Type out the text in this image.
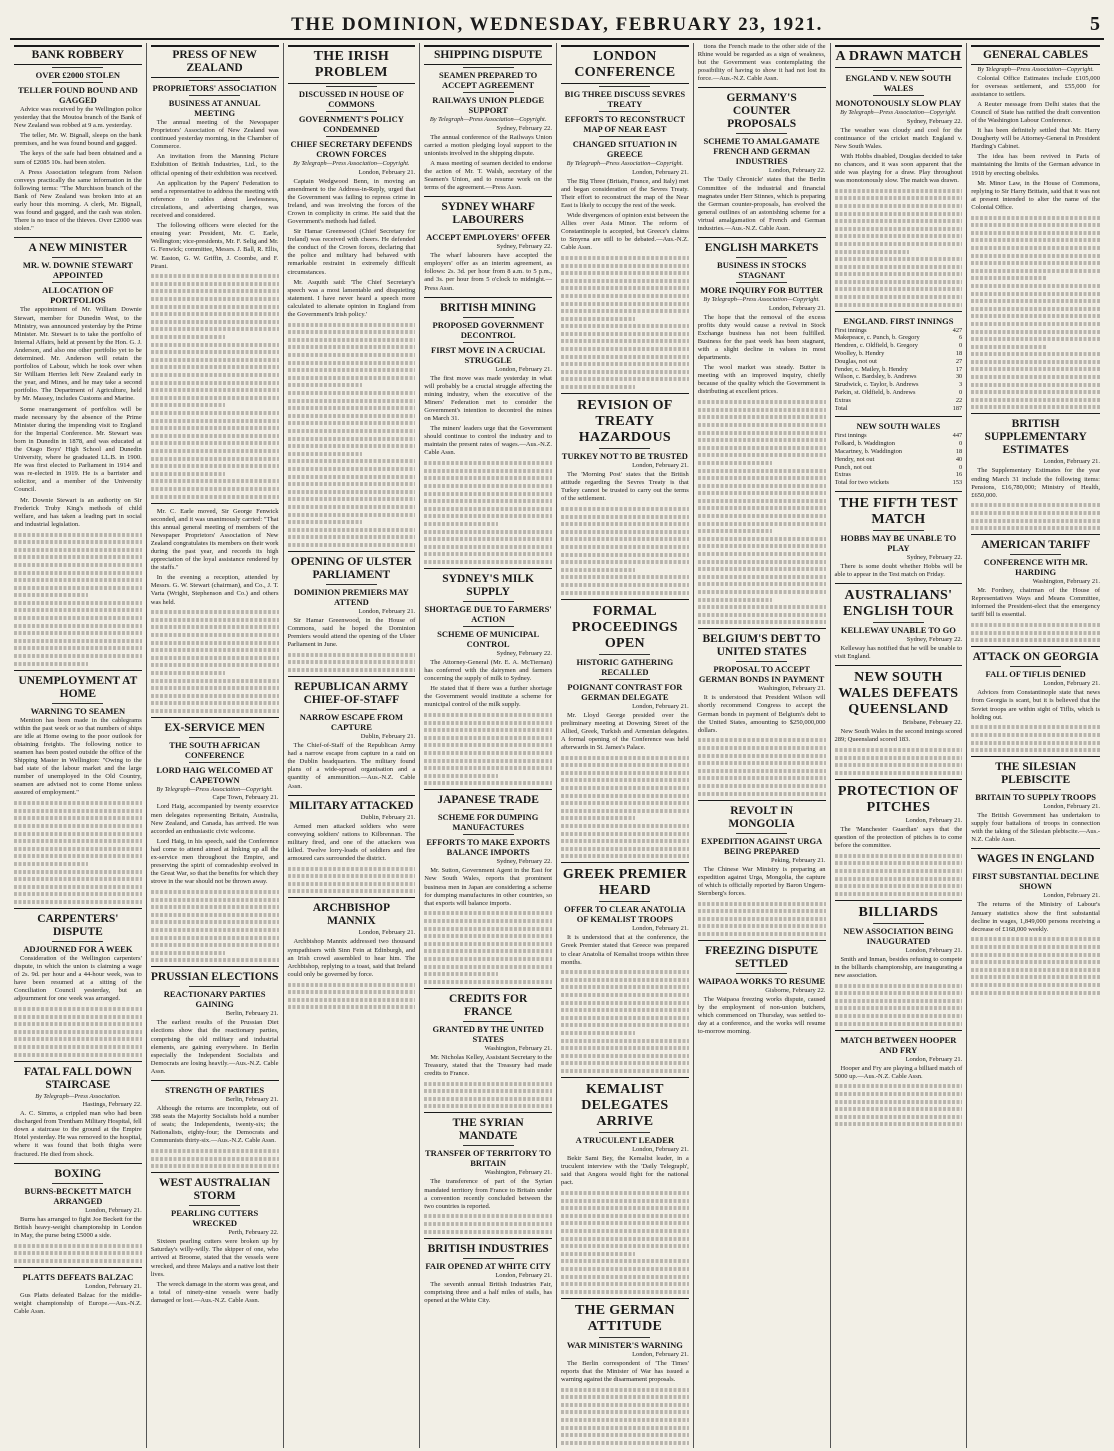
THE DOMINION, WEDNESDAY, FEBRUARY 23, 1921.	5
BANK ROBBERY
OVER £2000 STOLEN
TELLER FOUND BOUND AND GAGGED

Advice was received by the Wellington police yesterday that the Moutoa branch of the Bank of New Zealand was robbed at 9 a.m. yesterday.

The teller, Mr. W. Bignall, sleeps on the bank premises, and he was found bound and gagged.

The keys of the safe had been obtained and a sum of £2085 10s. had been stolen.

A Press Association telegram from Nelson conveys practically the same information in the following terms: "The Murchison branch of the Bank of New Zealand was broken into at an early hour this morning. A clerk, Mr. Bignall, was found and gagged, and the cash was stolen. There is no trace of the thieves. Over £2000 was stolen."

A NEW MINISTER
MR. W. DOWNIE STEWART APPOINTED
ALLOCATION OF PORTFOLIOS

The appointment of Mr. William Downie Stewart, member for Dunedin West, to the Ministry, was announced yesterday by the Prime Minister. Mr. Stewart is to take the portfolio of Internal Affairs, held at present by the Hon. G. J. Anderson, and also one other portfolio yet to be determined. Mr. Anderson will retain the portfolios of Labour, which he took over when Sir William Herries left New Zealand early in the year, and Mines, and he may take a second portfolio. The Department of Agriculture, held by Mr. Massey, includes Customs and Marine.

Some rearrangement of portfolios will be made necessary by the absence of the Prime Minister during the impending visit to England for the Imperial Conference. Mr. Stewart was born in Dunedin in 1878, and was educated at the Otago Boys' High School and Dunedin University, where he graduated LL.B. in 1900. He was first elected to Parliament in 1914 and was re-elected in 1919. He is a barrister and solicitor, and a member of the University Council.

Mr. Downie Stewart is an authority on Sir Frederick Truby King's methods of child welfare, and has taken a leading part in social and industrial legislation.

UNEMPLOYMENT AT HOME
WARNING TO SEAMEN

Mention has been made in the cablegrams within the past week or so that numbers of ships are idle at Home owing to the poor outlook for obtaining freights. The following notice to seamen has been posted outside the office of the Shipping Master in Wellington: "Owing to the bad state of the labour market and the large number of unemployed in the Old Country, seamen are advised not to come Home unless assured of employment."

CARPENTERS' DISPUTE
ADJOURNED FOR A WEEK

Consideration of the Wellington carpenters' dispute, in which the union is claiming a wage of 2s. 9d. per hour and a 44-hour week, was to have been resumed at a sitting of the Conciliation Council yesterday, but an adjournment for one week was arranged.

FATAL FALL DOWN STAIRCASE
By Telegraph—Press Association.
Hastings, February 22.

A. C. Simms, a crippled man who had been discharged from Trentham Military Hospital, fell down a staircase to the ground at the Empire Hotel yesterday. He was removed to the hospital, where it was found that both thighs were fractured. He died from shock.

BOXING
BURNS-BECKETT MATCH ARRANGED
London, February 21.

Burns has arranged to fight Joe Beckett for the British heavy-weight championship in London in May, the purse being £5000 a side.

PLATTS DEFEATS BALZAC
London, February 21.

Gus Platts defeated Balzac for the middle-weight championship of Europe.—Aus.-N.Z. Cable Assn.

PRESS OF NEW ZEALAND
PROPRIETORS' ASSOCIATION
BUSINESS AT ANNUAL MEETING

The annual meeting of the Newspaper Proprietors' Association of New Zealand was continued yesterday morning, in the Chamber of Commerce.

An invitation from the Manning Picture Exhibition of British Industries, Ltd., to the official opening of their exhibition was received.

An application by the Papers' Federation to send a representative to address the meeting with reference to cables about lawlessness, circulations, and advertising charges, was received and considered.

The following officers were elected for the ensuing year: President, Mr. C. Earle, Wellington; vice-presidents, Mr. F. Selig and Mr. G. Fenwick; committee, Messrs. J. Ball, R. Ellis, W. Easton, G. W. Griffin, J. Coombe, and F. Pirani.

Mr. C. Earle moved, Sir George Fenwick seconded, and it was unanimously carried: "That this annual general meeting of members of the Newspaper Proprietors' Association of New Zealand congratulates its members on their work during the past year, and records its high appreciation of the loyal assistance rendered by the staffs."

In the evening a reception, attended by Messrs. G. W. Stewart (chairman), and Co., J. T. Varta (Wright, Stephenson and Co.) and others was held.

EX-SERVICE MEN
THE SOUTH AFRICAN CONFERENCE
LORD HAIG WELCOMED AT CAPETOWN
By Telegraph—Press Association—Copyright.
Cape Town, February 21.

Lord Haig, accompanied by twenty exservice men delegates representing Britain, Australia, New Zealand, and Canada, has arrived. He was accorded an enthusiastic civic welcome.

Lord Haig, in his speech, said the Conference had come to attend aimed at linking up all the ex-service men throughout the Empire, and preserving the spirit of comradeship evolved in the Great War, so that the benefits for which they strove in the war should not be thrown away.

PRUSSIAN ELECTIONS
REACTIONARY PARTIES GAINING
Berlin, February 21.

The earliest results of the Prussian Diet elections show that the reactionary parties, comprising the old military and industrial elements, are gaining everywhere. In Berlin especially the Independent Socialists and Democrats are losing heavily.—Aus.-N.Z. Cable Assn.

STRENGTH OF PARTIES
Berlin, February 21.

Although the returns are incomplete, out of 398 seats the Majority Socialists hold a number of seats; the Independents, twenty-six; the Nationalists, eighty-four; the Democrats and Communists thirty-six.—Aus.-N.Z. Cable Assn.

WEST AUSTRALIAN STORM
PEARLING CUTTERS WRECKED
Perth, February 22.

Sixteen pearling cutters were broken up by Saturday's willy-willy. The skipper of one, who arrived at Broome, stated that the vessels were wrecked, and three Malays and a native lost their lives.

The wreck damage in the storm was great, and a total of ninety-nine vessels were badly damaged or lost.—Aus.-N.Z. Cable Assn.

THE IRISH PROBLEM
DISCUSSED IN HOUSE OF COMMONS
GOVERNMENT'S POLICY CONDEMNED
CHIEF SECRETARY DEFENDS CROWN FORCES
By Telegraph—Press Association—Copyright.
London, February 21.

Captain Wedgwood Benn, in moving an amendment to the Address-in-Reply, urged that the Government was failing to repress crime in Ireland, and was involving the forces of the Crown in complicity in crime. He said that the Government's methods had failed.

Sir Hamar Greenwood (Chief Secretary for Ireland) was received with cheers. He defended the conduct of the Crown forces, declaring that the police and military had behaved with remarkable restraint in extremely difficult circumstances.

Mr. Asquith said: 'The Chief Secretary's speech was a most lamentable and disquieting statement. I have never heard a speech more calculated to alienate opinion in England from the Government's Irish policy.'

OPENING OF ULSTER PARLIAMENT
DOMINION PREMIERS MAY ATTEND
London, February 21.

Sir Hamar Greenwood, in the House of Commons, said he hoped the Dominion Premiers would attend the opening of the Ulster Parliament in June.

REPUBLICAN ARMY CHIEF-OF-STAFF
NARROW ESCAPE FROM CAPTURE
Dublin, February 21.

The Chief-of-Staff of the Republican Army had a narrow escape from capture in a raid on the Dublin headquarters. The military found plans of a wide-spread organisation and a quantity of ammunition.—Aus.-N.Z. Cable Assn.

MILITARY ATTACKED
Dublin, February 21.

Armed men attacked soldiers who were conveying soldiers' rations to Kilbrennan. The military fired, and one of the attackers was killed. Twelve lorry-loads of soldiers and fire armoured cars surrounded the district.

ARCHBISHOP MANNIX
London, February 21.

Archbishop Mannix addressed two thousand sympathisers with Sinn Fein at Edinburgh, and an Irish crowd assembled to hear him. The Archbishop, replying to a toast, said that Ireland could only be governed by force.

SHIPPING DISPUTE
SEAMEN PREPARED TO ACCEPT AGREEMENT
RAILWAYS UNION PLEDGE SUPPORT
By Telegraph—Press Association—Copyright.
Sydney, February 22.

The annual conference of the Railways Union carried a motion pledging loyal support to the unionists involved in the shipping dispute.

A mass meeting of seamen decided to endorse the action of Mr. T. Walsh, secretary of the Seamen's Union, and to resume work on the terms of the agreement.—Press Assn.

SYDNEY WHARF LABOURERS
ACCEPT EMPLOYERS' OFFER
Sydney, February 22.

The wharf labourers have accepted the employers' offer as an interim agreement, as follows: 2s. 3d. per hour from 8 a.m. to 5 p.m., and 3s. per hour from 5 o'clock to midnight.—Press Assn.

BRITISH MINING
PROPOSED GOVERNMENT DECONTROL
FIRST MOVE IN A CRUCIAL STRUGGLE
London, February 21.

The first move was made yesterday in what will probably be a crucial struggle affecting the mining industry, when the executive of the Miners' Federation met to consider the Government's intention to decontrol the mines on March 31.

The miners' leaders urge that the Government should continue to control the industry and to maintain the present rates of wages.—Aus.-N.Z. Cable Assn.

SYDNEY'S MILK SUPPLY
SHORTAGE DUE TO FARMERS' ACTION
SCHEME OF MUNICIPAL CONTROL
Sydney, February 22.

The Attorney-General (Mr. E. A. McTiernan) has conferred with the dairymen and farmers concerning the supply of milk to Sydney.

He stated that if there was a further shortage the Government would institute a scheme for municipal control of the milk supply.

JAPANESE TRADE
SCHEME FOR DUMPING MANUFACTURES
EFFORTS TO MAKE EXPORTS BALANCE IMPORTS
Sydney, February 22.

Mr. Sutton, Government Agent in the East for New South Wales, reports that prominent business men in Japan are considering a scheme for dumping manufactures in other countries, so that exports will balance imports.

CREDITS FOR FRANCE
GRANTED BY THE UNITED STATES
Washington, February 21.

Mr. Nicholas Kelley, Assistant Secretary to the Treasury, stated that the Treasury had made credits to France.

THE SYRIAN MANDATE
TRANSFER OF TERRITORY TO BRITAIN
Washington, February 21.

The transference of part of the Syrian mandated territory from France to Britain under a convention recently concluded between the two countries is reported.

BRITISH INDUSTRIES
FAIR OPENED AT WHITE CITY
London, February 21.

The seventh annual British Industries Fair, comprising three and a half miles of stalls, has opened at the White City.

LONDON CONFERENCE
BIG THREE DISCUSS SEVRES TREATY
EFFORTS TO RECONSTRUCT MAP OF NEAR EAST
CHANGED SITUATION IN GREECE
By Telegraph—Press Association—Copyright.
London, February 21.

The Big Three (Britain, France, and Italy) met and began consideration of the Sevres Treaty. Their effort to reconstruct the map of the Near East is likely to occupy the rest of the week.

Wide divergences of opinion exist between the Allies over Asia Minor. The reform of Constantinople is accepted, but Greece's claims to Smyrna are still to be debated.—Aus.-N.Z. Cable Assn.

REVISION OF TREATY HAZARDOUS
TURKEY NOT TO BE TRUSTED
London, February 21.

The 'Morning Post' states that the British attitude regarding the Sevres Treaty is that Turkey cannot be trusted to carry out the terms of the settlement.

FORMAL PROCEEDINGS OPEN
HISTORIC GATHERING RECALLED
POIGNANT CONTRAST FOR GERMAN DELEGATE
London, February 21.

Mr. Lloyd George presided over the preliminary meeting at Downing Street of the Allied, Greek, Turkish and Armenian delegates. A formal opening of the Conference was held afterwards in St. James's Palace.

GREEK PREMIER HEARD
OFFER TO CLEAR ANATOLIA OF KEMALIST TROOPS
London, February 21.

It is understood that at the conference, the Greek Premier stated that Greece was prepared to clear Anatolia of Kemalist troops within three months.

KEMALIST DELEGATES ARRIVE
A TRUCULENT LEADER
London, February 21.

Bekir Sami Bey, the Kemalist leader, in a truculent interview with the 'Daily Telegraph', said that Angora would fight for the national pact.

THE GERMAN ATTITUDE
WAR MINISTER'S WARNING
London, February 21.

The Berlin correspondent of 'The Times' reports that the Minister of War has issued a warning against the disarmament proposals.

tions the French made to the other side of the Rhine would be regarded as a sign of weakness, but the Government was contemplating the possibility of having to show it had not lost its force.—Aus.-N.Z. Cable Assn.

GERMANY'S COUNTER PROPOSALS
SCHEME TO AMALGAMATE FRENCH AND GERMAN INDUSTRIES
London, February 22.

The 'Daily Chronicle' states that the Berlin Committee of the industrial and financial magnates under Herr Stinnes, which is preparing the German counter-proposals, has evolved the general outlines of an astonishing scheme for a virtual amalgamation of French and German industries.—Aus.-N.Z. Cable Assn.

ENGLISH MARKETS
BUSINESS IN STOCKS STAGNANT
MORE INQUIRY FOR BUTTER
By Telegraph—Press Association—Copyright.
London, February 21.

The hope that the removal of the excess profits duty would cause a revival in Stock Exchange business has not been fulfilled. Business for the past week has been stagnant, with a slight decline in values in most departments.

The wool market was steady. Butter is meeting with an improved inquiry, chiefly because of the quality which the Government is distributing at excellent prices.

BELGIUM'S DEBT TO UNITED STATES
PROPOSAL TO ACCEPT GERMAN BONDS IN PAYMENT
Washington, February 21.

It is understood that President Wilson will shortly recommend Congress to accept the German bonds in payment of Belgium's debt to the United States, amounting to $250,000,000 dollars.

REVOLT IN MONGOLIA
EXPEDITION AGAINST URGA BEING PREPARED
Peking, February 21.

The Chinese War Ministry is preparing an expedition against Urga, Mongolia, the capture of which is officially reported by Baron Ungern-Sternberg's forces.

FREEZING DISPUTE SETTLED
WAIPAOA WORKS TO RESUME
Gisborne, February 22.

The Waipaoa freezing works dispute, caused by the employment of non-union butchers, which commenced on Thursday, was settled to-day at a conference, and the works will resume to-morrow morning.

A DRAWN MATCH
ENGLAND V. NEW SOUTH WALES
MONOTONOUSLY SLOW PLAY
By Telegraph—Press Association—Copyright.
Sydney, February 22.

The weather was cloudy and cool for the continuance of the cricket match England v. New South Wales.

With Hobbs disabled, Douglas decided to take no chances, and it was soon apparent that the side was playing for a draw. Play throughout was monotonously slow. The match was drawn.

ENGLAND. FIRST INNINGS
First innings	427
Makepeace, c. Punch, b. Gregory	6
Hendren, c. Oldfield, b. Gregory	0
Woolley, b. Hendry	18
Douglas, not out	27
Fender, c. Mailey, b. Hendry	17
Wilson, c. Bardsley, b. Andrews	30
Strudwick, c. Taylor, b. Andrews	3
Parkin, st. Oldfield, b. Andrews	0
Extras	22
Total	187
NEW SOUTH WALES
First innings	447
Folkard, b. Waddington	0
Macartney, b. Waddington	18
Hendry, not out	40
Punch, not out	0
Extras	16
Total for two wickets	153
THE FIFTH TEST MATCH
HOBBS MAY BE UNABLE TO PLAY
Sydney, February 22.

There is some doubt whether Hobbs will be able to appear in the Test match on Friday.

AUSTRALIANS' ENGLISH TOUR
KELLEWAY UNABLE TO GO
Sydney, February 22.

Kelleway has notified that he will be unable to visit England.

NEW SOUTH WALES DEFEATS QUEENSLAND
Brisbane, February 22.

New South Wales in the second innings scored 289; Queensland scored 183.

PROTECTION OF PITCHES
London, February 21.

The 'Manchester Guardian' says that the question of the protection of pitches is to come before the committee.

BILLIARDS
NEW ASSOCIATION BEING INAUGURATED
London, February 21.

Smith and Inman, besides refusing to compete in the billiards championship, are inaugurating a new association.

MATCH BETWEEN HOOPER AND FRY
London, February 21.

Hooper and Fry are playing a billiard match of 5000 up.—Aus.-N.Z. Cable Assn.

GENERAL CABLES
By Telegraph—Press Association—Copyright.

Colonial Office Estimates include £105,000 for overseas settlement, and £55,000 for assistance to settlers.

A Reuter message from Delhi states that the Council of State has ratified the draft convention of the Washington Labour Conference.

It has been definitely settled that Mr. Harry Dougherty will be Attorney-General in President Harding's Cabinet.

The idea has been revived in Paris of maintaining the limits of the German advance in 1918 by erecting obelisks.

Mr. Minor Law, in the House of Commons, replying to Sir Harry Brittain, said that it was not at present intended to alter the name of the Colonial Office.

BRITISH SUPPLEMENTARY ESTIMATES
London, February 21.

The Supplementary Estimates for the year ending March 31 include the following items: Pensions, £16,780,000; Ministry of Health, £650,000.

AMERICAN TARIFF
CONFERENCE WITH MR. HARDING
Washington, February 21.

Mr. Fordney, chairman of the House of Representatives Ways and Means Committee, informed the President-elect that the emergency tariff bill is essential.

ATTACK ON GEORGIA
FALL OF TIFLIS DENIED
London, February 21.

Advices from Constantinople state that news from Georgia is scant, but it is believed that the Soviet troops are within sight of Tiflis, which is holding out.

THE SILESIAN PLEBISCITE
BRITAIN TO SUPPLY TROOPS
London, February 21.

The British Government has undertaken to supply four battalions of troops in connection with the taking of the Silesian plebiscite.—Aus.-N.Z. Cable Assn.

WAGES IN ENGLAND
FIRST SUBSTANTIAL DECLINE SHOWN
London, February 21.

The returns of the Ministry of Labour's January statistics show the first substantial decline in wages, 1,849,000 persons receiving a decrease of £168,000 weekly.
